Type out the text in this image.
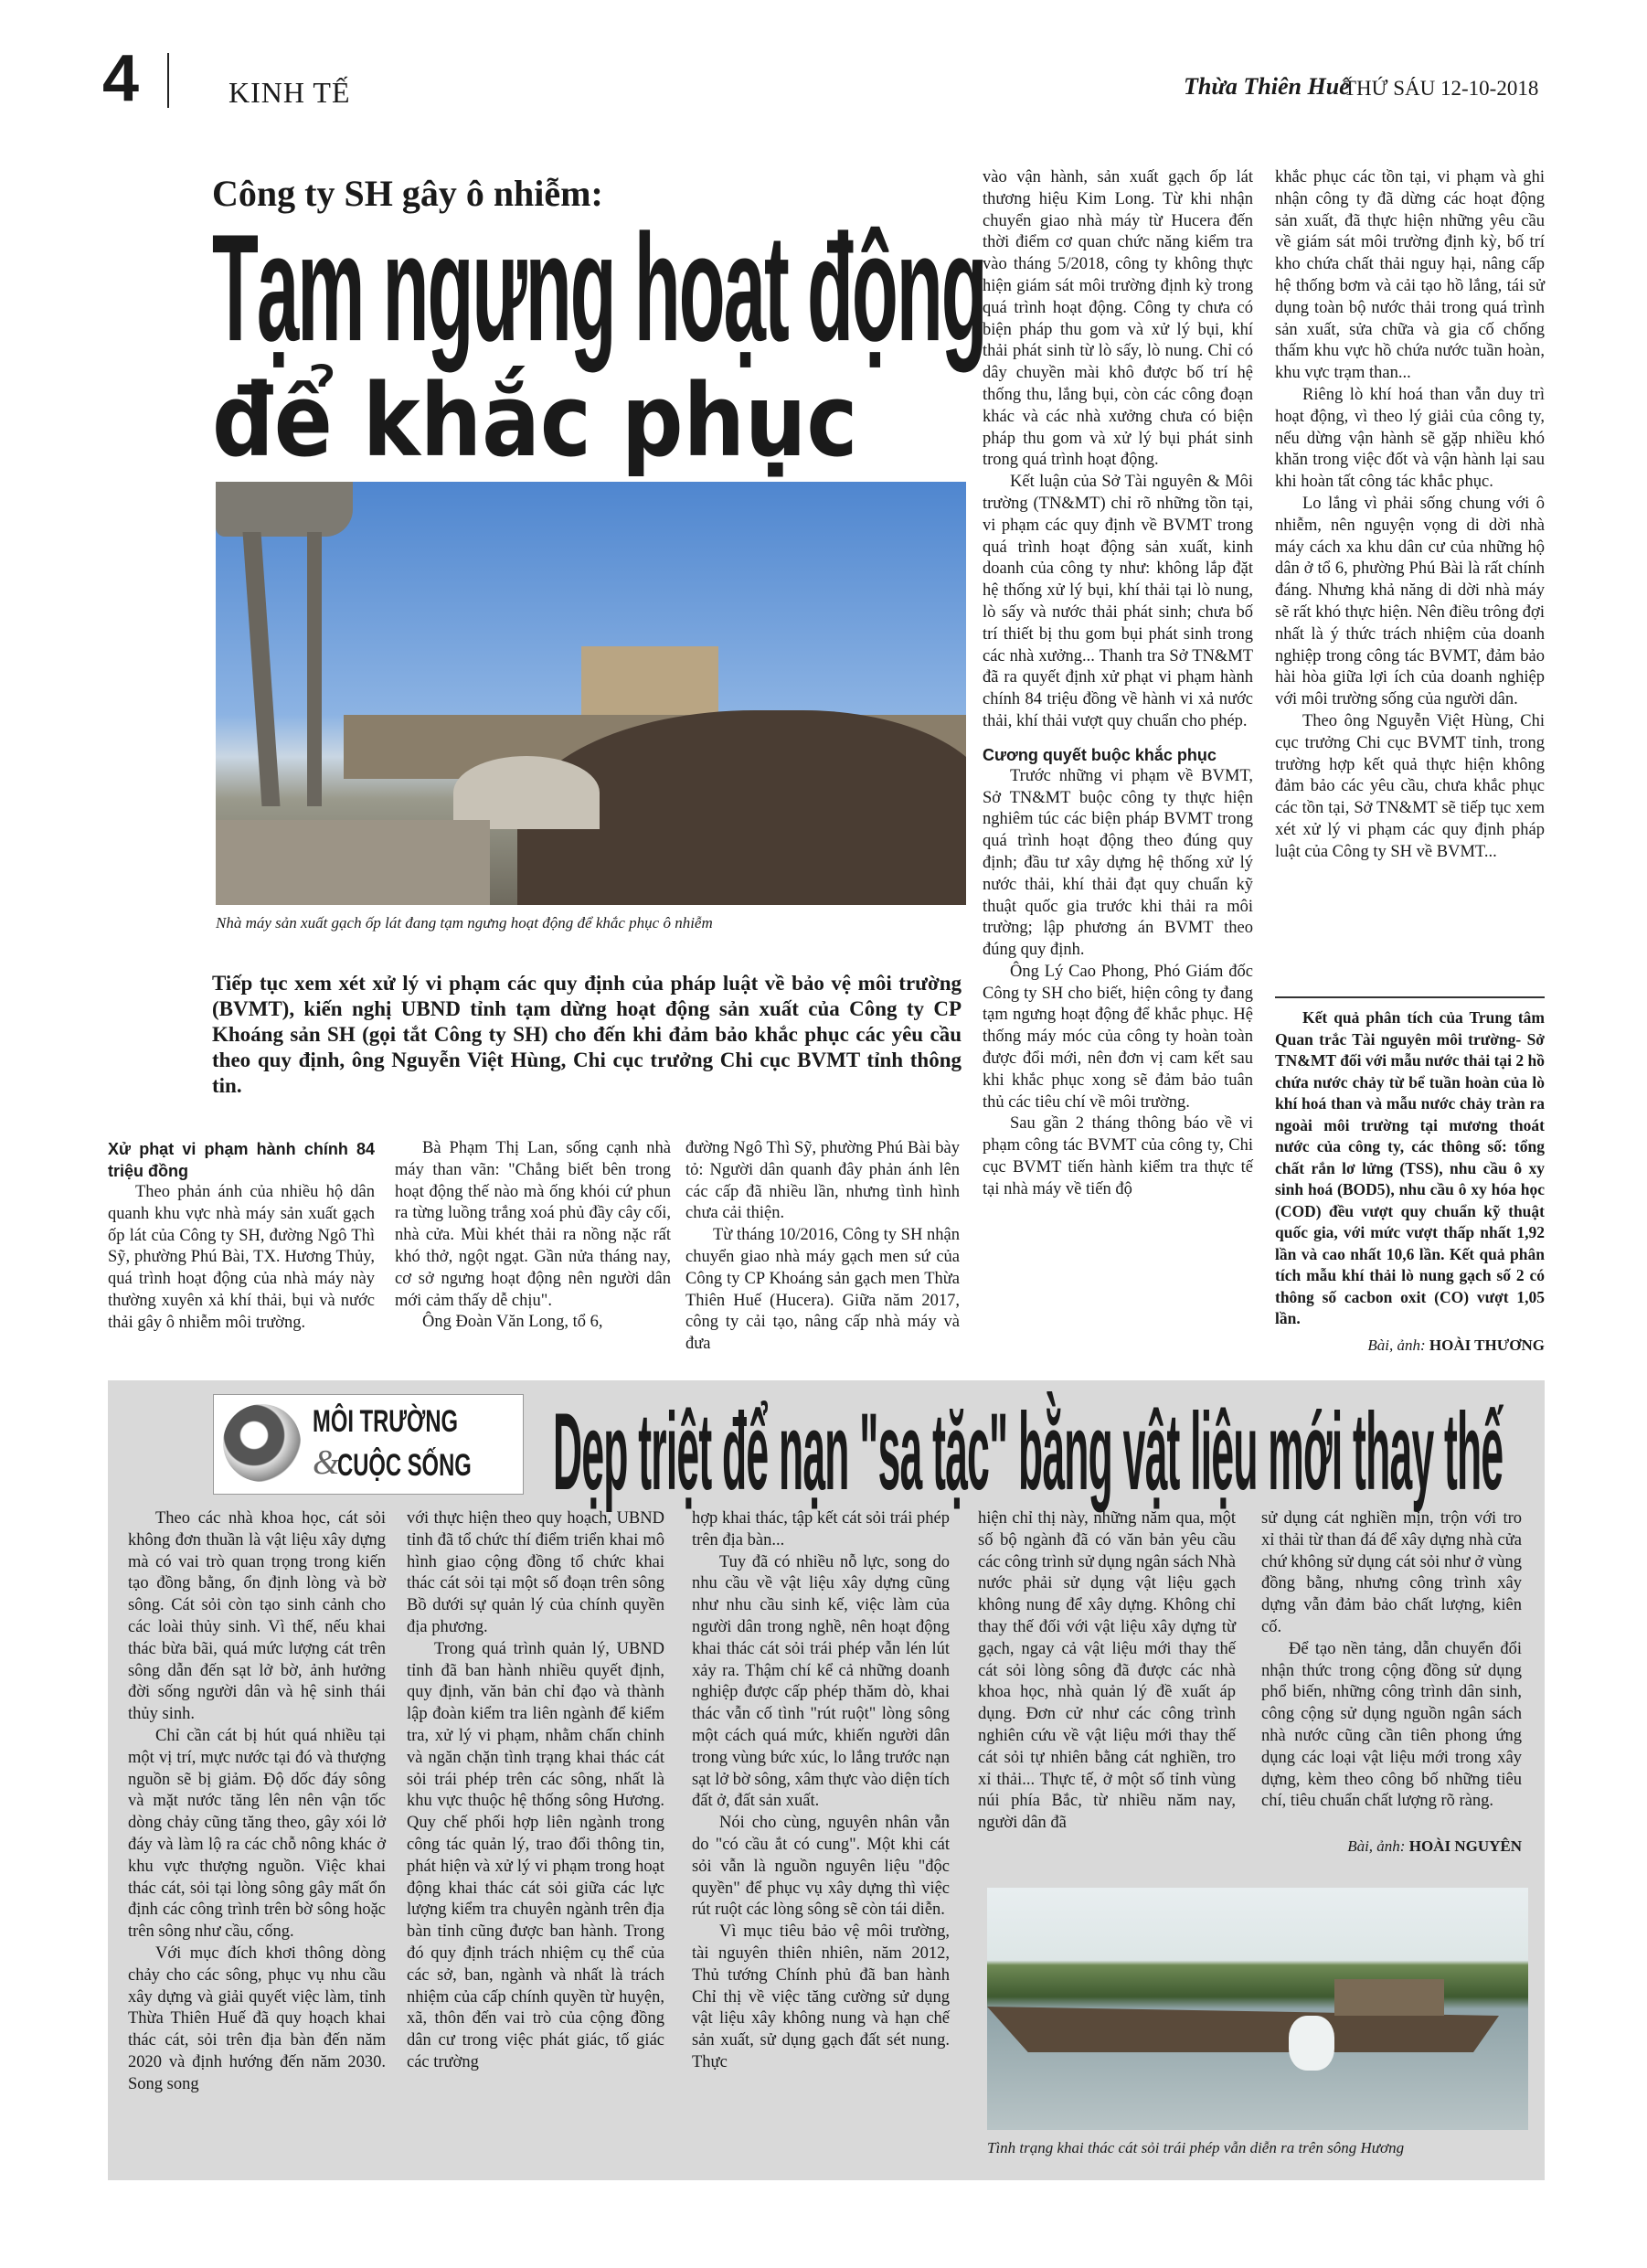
4	KINH TẾ	Thừa Thiên Huế
THỨ SÁU 12-10-2018
Công ty SH gây ô nhiễm:
Tạm ngưng hoạt động
để khắc phục
Nhà máy sản xuất gạch ốp lát đang tạm ngưng hoạt động để khắc phục ô nhiễm
Tiếp tục xem xét xử lý vi phạm các quy định của pháp luật về bảo vệ môi trường (BVMT), kiến nghị UBND tỉnh tạm dừng hoạt động sản xuất của Công ty CP Khoáng sản SH (gọi tắt Công ty SH) cho đến khi đảm bảo khắc phục các yêu cầu theo quy định, ông Nguyễn Việt Hùng, Chi cục trưởng Chi cục BVMT tỉnh thông tin.
Xử phạt vi phạm hành chính 84 triệu đồng

Theo phản ánh của nhiều hộ dân quanh khu vực nhà máy sản xuất gạch ốp lát của Công ty SH, đường Ngô Thì Sỹ, phường Phú Bài, TX. Hương Thủy, quá trình hoạt động của nhà máy này thường xuyên xả khí thải, bụi và nước thải gây ô nhiễm môi trường.

Bà Phạm Thị Lan, sống cạnh nhà máy than vãn: "Chẳng biết bên trong hoạt động thế nào mà ống khói cứ phun ra từng luồng trắng xoá phủ đầy cây cối, nhà cửa. Mùi khét thải ra nồng nặc rất khó thở, ngột ngạt. Gần nửa tháng nay, cơ sở ngưng hoạt động nên người dân mới cảm thấy dễ chịu".

Ông Đoàn Văn Long, tổ 6,

đường Ngô Thì Sỹ, phường Phú Bài bày tỏ: Người dân quanh đây phản ánh lên các cấp đã nhiều lần, nhưng tình hình chưa cải thiện.

Từ tháng 10/2016, Công ty SH nhận chuyển giao nhà máy gạch men sứ của Công ty CP Khoáng sản gạch men Thừa Thiên Huế (Hucera). Giữa năm 2017, công ty cải tạo, nâng cấp nhà máy và đưa

vào vận hành, sản xuất gạch ốp lát thương hiệu Kim Long. Từ khi nhận chuyển giao nhà máy từ Hucera đến thời điểm cơ quan chức năng kiểm tra vào tháng 5/2018, công ty không thực hiện giám sát môi trường định kỳ trong quá trình hoạt động. Công ty chưa có biện pháp thu gom và xử lý bụi, khí thải phát sinh từ lò sấy, lò nung. Chỉ có dây chuyền mài khô được bố trí hệ thống thu, lắng bụi, còn các công đoạn khác và các nhà xưởng chưa có biện pháp thu gom và xử lý bụi phát sinh trong quá trình hoạt động.

Kết luận của Sở Tài nguyên & Môi trường (TN&MT) chỉ rõ những tồn tại, vi phạm các quy định về BVMT trong quá trình hoạt động sản xuất, kinh doanh của công ty như: không lắp đặt hệ thống xử lý bụi, khí thải tại lò nung, lò sấy và nước thải phát sinh; chưa bố trí thiết bị thu gom bụi phát sinh trong các nhà xưởng... Thanh tra Sở TN&MT đã ra quyết định xử phạt vi phạm hành chính 84 triệu đồng về hành vi xả nước thải, khí thải vượt quy chuẩn cho phép.

Cương quyết buộc khắc phục

Trước những vi phạm về BVMT, Sở TN&MT buộc công ty thực hiện nghiêm túc các biện pháp BVMT trong quá trình hoạt động theo đúng quy định; đầu tư xây dựng hệ thống xử lý nước thải, khí thải đạt quy chuẩn kỹ thuật quốc gia trước khi thải ra môi trường; lập phương án BVMT theo đúng quy định.

Ông Lý Cao Phong, Phó Giám đốc Công ty SH cho biết, hiện công ty đang tạm ngưng hoạt động để khắc phục. Hệ thống máy móc của công ty hoàn toàn được đổi mới, nên đơn vị cam kết sau khi khắc phục xong sẽ đảm bảo tuân thủ các tiêu chí về môi trường.

Sau gần 2 tháng thông báo về vi phạm công tác BVMT của công ty, Chi cục BVMT tiến hành kiểm tra thực tế tại nhà máy về tiến độ

khắc phục các tồn tại, vi phạm và ghi nhận công ty đã dừng các hoạt động sản xuất, đã thực hiện những yêu cầu về giám sát môi trường định kỳ, bố trí kho chứa chất thải nguy hại, nâng cấp hệ thống bơm và cải tạo hồ lắng, tái sử dụng toàn bộ nước thải trong quá trình sản xuất, sửa chữa và gia cố chống thấm khu vực hồ chứa nước tuần hoàn, khu vực trạm than...

Riêng lò khí hoá than vẫn duy trì hoạt động, vì theo lý giải của công ty, nếu dừng vận hành sẽ gặp nhiều khó khăn trong việc đốt và vận hành lại sau khi hoàn tất công tác khắc phục.

Lo lắng vì phải sống chung với ô nhiễm, nên nguyện vọng di dời nhà máy cách xa khu dân cư của những hộ dân ở tổ 6, phường Phú Bài là rất chính đáng. Nhưng khả năng di dời nhà máy sẽ rất khó thực hiện. Nên điều trông đợi nhất là ý thức trách nhiệm của doanh nghiệp trong công tác BVMT, đảm bảo hài hòa giữa lợi ích của doanh nghiệp với môi trường sống của người dân.

Theo ông Nguyễn Việt Hùng, Chi cục trưởng Chi cục BVMT tỉnh, trong trường hợp kết quả thực hiện không đảm bảo các yêu cầu, chưa khắc phục các tồn tại, Sở TN&MT sẽ tiếp tục xem xét xử lý vi phạm các quy định pháp luật của Công ty SH về BVMT...

Kết quả phân tích của Trung tâm Quan trắc Tài nguyên môi trường- Sở TN&MT đối với mẫu nước thải tại 2 hồ chứa nước chảy từ bể tuần hoàn của lò khí hoá than và mẫu nước chảy tràn ra ngoài môi trường tại mương thoát nước của công ty, các thông số: tổng chất rắn lơ lửng (TSS), nhu cầu ô xy sinh hoá (BOD5), nhu cầu ô xy hóa học (COD) đều vượt quy chuẩn kỹ thuật quốc gia, với mức vượt thấp nhất 1,92 lần và cao nhất 10,6 lần. Kết quả phân tích mẫu khí thải lò nung gạch số 2 có thông số cacbon oxit (CO) vượt 1,05 lần.
Bài, ảnh: HOÀI THƯƠNG
MÔI TRƯỜNG
&
CUỘC SỐNG Dẹp triệt để nạn "sa tặc" bằng vật liệu mới thay thế

Theo các nhà khoa học, cát sỏi không đơn thuần là vật liệu xây dựng mà có vai trò quan trọng trong kiến tạo đồng bằng, ổn định lòng và bờ sông. Cát sỏi còn tạo sinh cảnh cho các loài thủy sinh. Vì thế, nếu khai thác bừa bãi, quá mức lượng cát trên sông dẫn đến sạt lở bờ, ảnh hưởng đời sống người dân và hệ sinh thái thủy sinh.

Chỉ cần cát bị hút quá nhiều tại một vị trí, mực nước tại đó và thượng nguồn sẽ bị giảm. Độ dốc đáy sông và mặt nước tăng lên nên vận tốc dòng chảy cũng tăng theo, gây xói lở đáy và làm lộ ra các chỗ nông khác ở khu vực thượng nguồn. Việc khai thác cát, sỏi tại lòng sông gây mất ổn định các công trình trên bờ sông hoặc trên sông như cầu, cống.

Với mục đích khơi thông dòng chảy cho các sông, phục vụ nhu cầu xây dựng và giải quyết việc làm, tỉnh Thừa Thiên Huế đã quy hoạch khai thác cát, sỏi trên địa bàn đến năm 2020 và định hướng đến năm 2030. Song song

với thực hiện theo quy hoạch, UBND tỉnh đã tổ chức thí điểm triển khai mô hình giao cộng đồng tổ chức khai thác cát sỏi tại một số đoạn trên sông Bồ dưới sự quản lý của chính quyền địa phương.

Trong quá trình quản lý, UBND tỉnh đã ban hành nhiều quyết định, quy định, văn bản chỉ đạo và thành lập đoàn kiểm tra liên ngành để kiểm tra, xử lý vi phạm, nhằm chấn chỉnh và ngăn chặn tình trạng khai thác cát sỏi trái phép trên các sông, nhất là khu vực thuộc hệ thống sông Hương. Quy chế phối hợp liên ngành trong công tác quản lý, trao đổi thông tin, phát hiện và xử lý vi phạm trong hoạt động khai thác cát sỏi giữa các lực lượng kiểm tra chuyên ngành trên địa bàn tỉnh cũng được ban hành. Trong đó quy định trách nhiệm cụ thể của các sở, ban, ngành và nhất là trách nhiệm của cấp chính quyền từ huyện, xã, thôn đến vai trò của cộng đồng dân cư trong việc phát giác, tố giác các trường

hợp khai thác, tập kết cát sỏi trái phép trên địa bàn...

Tuy đã có nhiều nỗ lực, song do nhu cầu về vật liệu xây dựng cũng như nhu cầu sinh kế, việc làm của người dân trong nghề, nên hoạt động khai thác cát sỏi trái phép vẫn lén lút xảy ra. Thậm chí kể cả những doanh nghiệp được cấp phép thăm dò, khai thác vẫn cố tình "rút ruột" lòng sông một cách quá mức, khiến người dân trong vùng bức xúc, lo lắng trước nạn sạt lở bờ sông, xâm thực vào diện tích đất ở, đất sản xuất.

Nói cho cùng, nguyên nhân vẫn do "có cầu ắt có cung". Một khi cát sỏi vẫn là nguồn nguyên liệu "độc quyền" để phục vụ xây dựng thì việc rút ruột các lòng sông sẽ còn tái diễn.

Vì mục tiêu bảo vệ môi trường, tài nguyên thiên nhiên, năm 2012, Thủ tướng Chính phủ đã ban hành Chỉ thị về việc tăng cường sử dụng vật liệu xây không nung và hạn chế sản xuất, sử dụng gạch đất sét nung. Thực

hiện chỉ thị này, những năm qua, một số bộ ngành đã có văn bản yêu cầu các công trình sử dụng ngân sách Nhà nước phải sử dụng vật liệu gạch không nung để xây dựng. Không chỉ thay thế đối với vật liệu xây dựng từ gạch, ngay cả vật liệu mới thay thế cát sỏi lòng sông đã được các nhà khoa học, nhà quản lý đề xuất áp dụng. Đơn cử như các công trình nghiên cứu về vật liệu mới thay thế cát sỏi tự nhiên bằng cát nghiền, tro xỉ thải... Thực tế, ở một số tỉnh vùng núi phía Bắc, từ nhiều năm nay, người dân đã

sử dụng cát nghiền mịn, trộn với tro xỉ thải từ than đá để xây dựng nhà cửa chứ không sử dụng cát sỏi như ở vùng đồng bằng, nhưng công trình xây dựng vẫn đảm bảo chất lượng, kiên cố.

Để tạo nền tảng, dẫn chuyển đổi nhận thức trong cộng đồng sử dụng phổ biến, những công trình dân sinh, công cộng sử dụng nguồn ngân sách nhà nước cũng cần tiên phong ứng dụng các loại vật liệu mới trong xây dựng, kèm theo công bố những tiêu chí, tiêu chuẩn chất lượng rõ ràng.

Bài, ảnh: HOÀI NGUYÊN
Tình trạng khai thác cát sỏi trái phép vẫn diễn ra trên sông Hương
